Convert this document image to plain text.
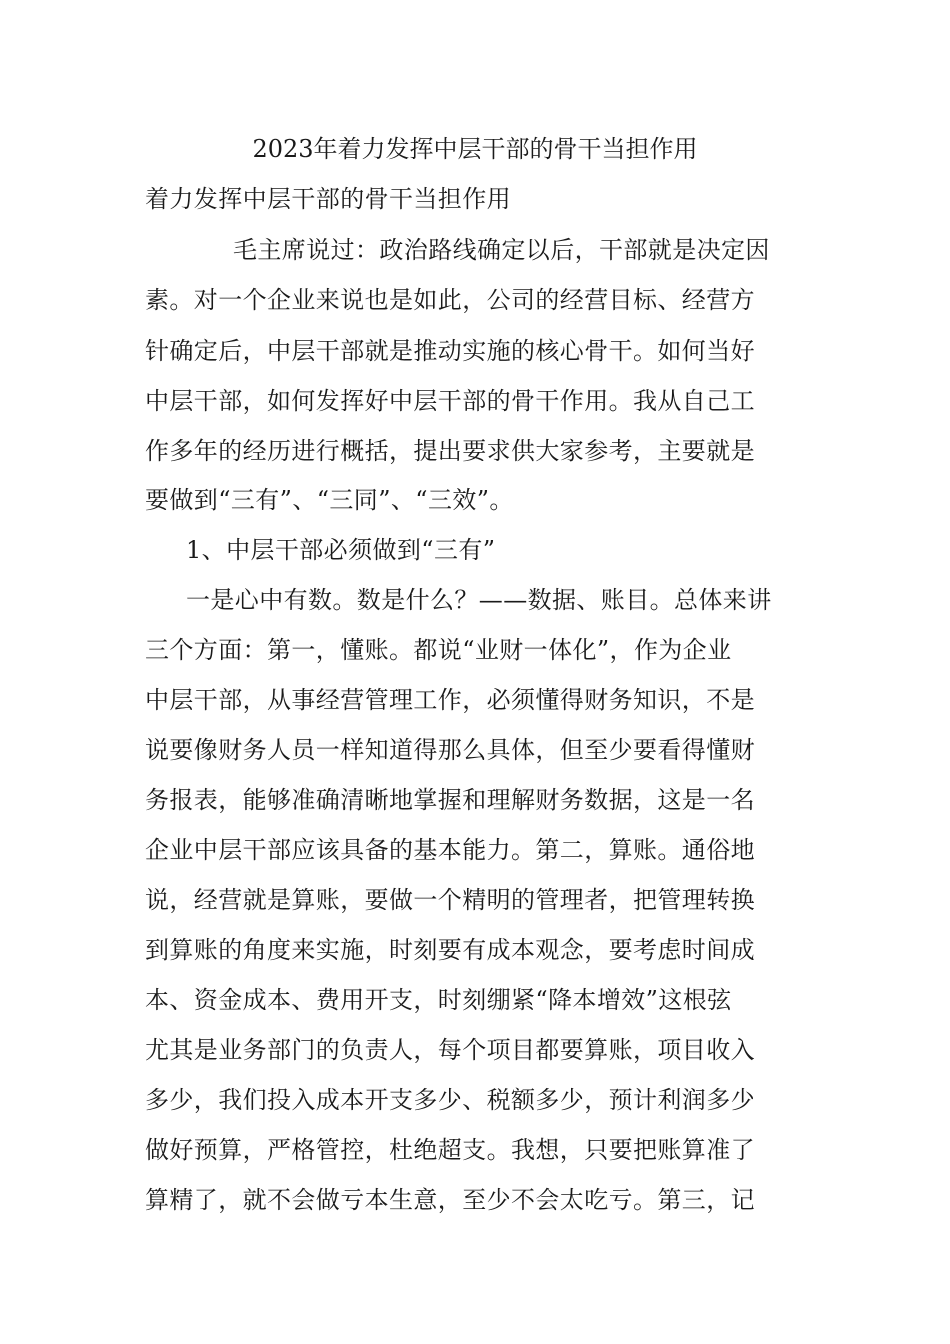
2023年着力发挥中层干部的骨干当担作用
着力发挥中层干部的骨干当担作用
毛主席说过：政治路线确定以后，干部就是决定因
素。对一个企业来说也是如此，公司的经营目标、经营方
针确定后，中层干部就是推动实施的核心骨干。如何当好
中层干部，如何发挥好中层干部的骨干作用。我从自己工
作多年的经历进行概括，提出要求供大家参考，主要就是
要做到“三有”、“三同”、“三效”。
1、中层干部必须做到“三有”
一是心中有数。数是什么？——数据、账目。总体来讲
三个方面：第一，懂账。都说“业财一体化”，作为企业
中层干部，从事经营管理工作，必须懂得财务知识，不是
说要像财务人员一样知道得那么具体，但至少要看得懂财
务报表，能够准确清晰地掌握和理解财务数据，这是一名
企业中层干部应该具备的基本能力。第二，算账。通俗地
说，经营就是算账，要做一个精明的管理者，把管理转换
到算账的角度来实施，时刻要有成本观念，要考虑时间成
本、资金成本、费用开支，时刻绷紧“降本增效”这根弦
尤其是业务部门的负责人，每个项目都要算账，项目收入
多少，我们投入成本开支多少、税额多少，预计利润多少
做好预算，严格管控，杜绝超支。我想，只要把账算准了
算精了，就不会做亏本生意，至少不会太吃亏。第三，记
